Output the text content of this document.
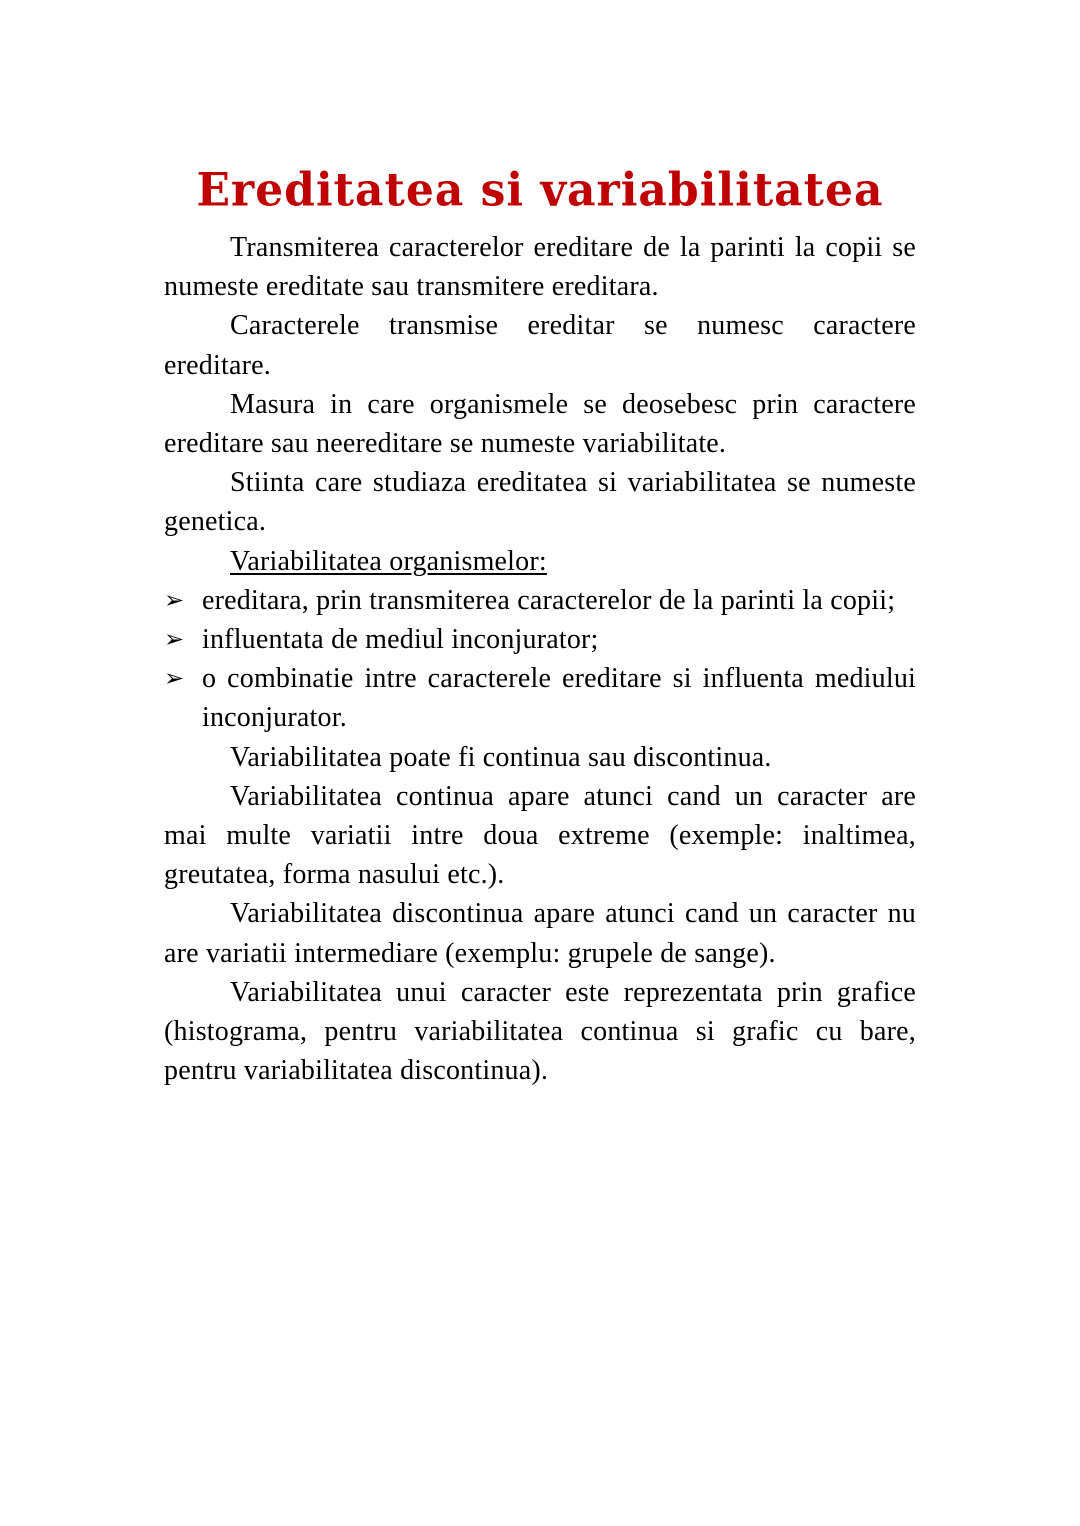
Ereditatea si variabilitatea

Transmiterea caracterelor ereditare de la parinti la copii se numeste ereditate sau transmitere ereditara.

Caracterele transmise ereditar se numesc caractere ereditare.

Masura in care organismele se deosebesc prin caractere ereditare sau neereditare se numeste variabilitate.

Stiinta care studiaza ereditatea si variabilitatea se numeste genetica.

Variabilitatea organismelor:

➢ ereditara, prin transmiterea caracterelor de la parinti la copii;
➢ influentata de mediul inconjurator;
➢ o combinatie intre caracterele ereditare si influenta mediului inconjurator.

Variabilitatea poate fi continua sau discontinua.

Variabilitatea continua apare atunci cand un caracter are mai multe variatii intre doua extreme (exemple: inaltimea, greutatea, forma nasului etc.).

Variabilitatea discontinua apare atunci cand un caracter nu are variatii intermediare (exemplu: grupele de sange).

Variabilitatea unui caracter este reprezentata prin grafice (histograma, pentru variabilitatea continua si grafic cu bare, pentru variabilitatea discontinua).
